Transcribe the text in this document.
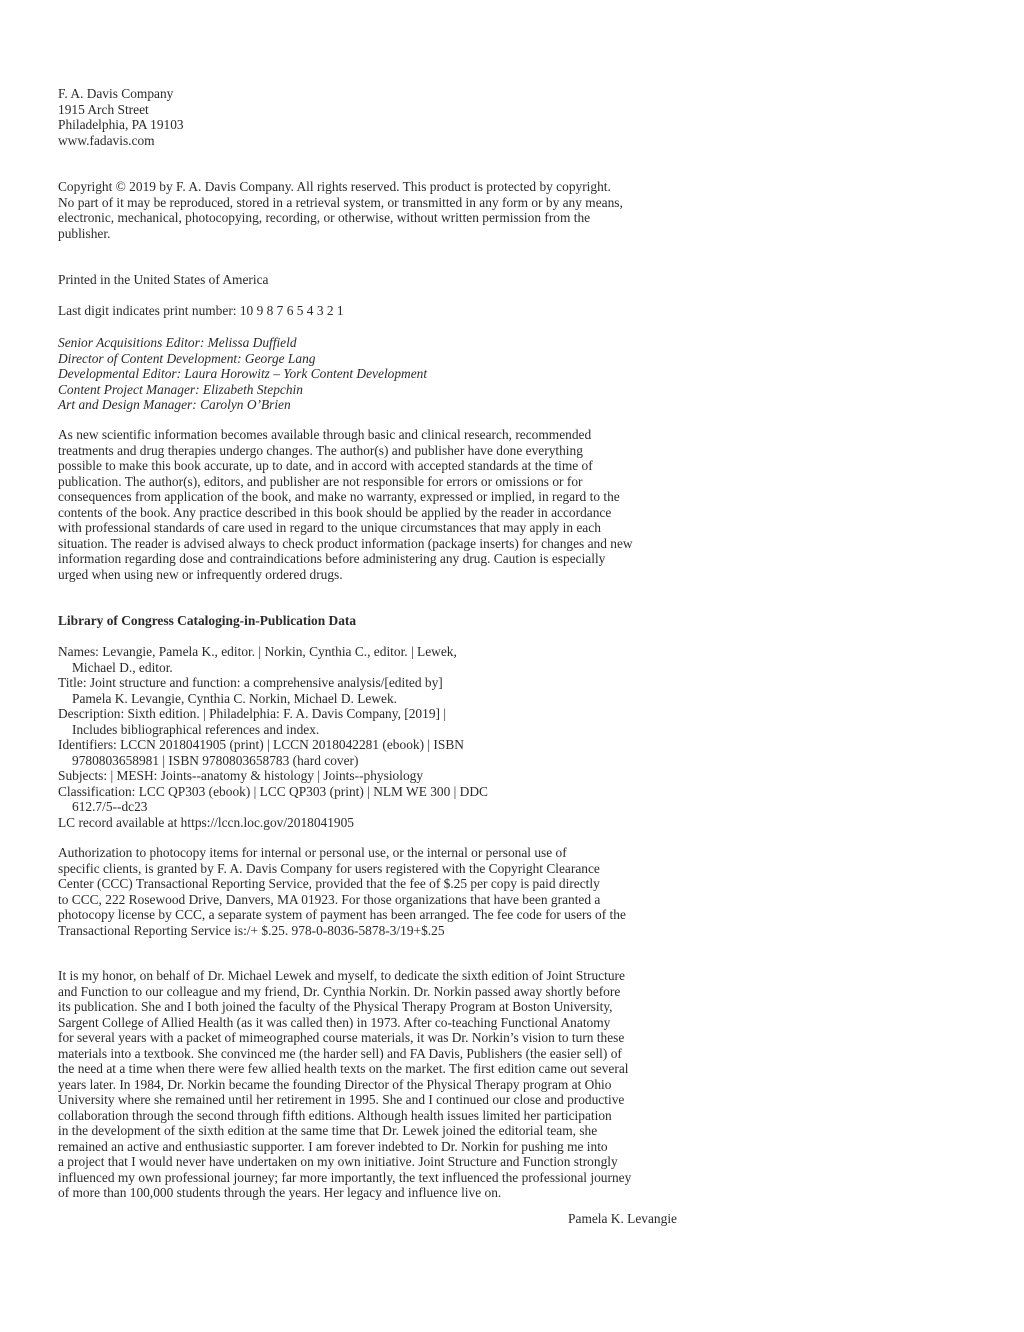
F. A. Davis Company
1915 Arch Street
Philadelphia, PA 19103
www.fadavis.com
Copyright © 2019 by F. A. Davis Company. All rights reserved. This product is protected by copyright.
No part of it may be reproduced, stored in a retrieval system, or transmitted in any form or by any means,
electronic, mechanical, photocopying, recording, or otherwise, without written permission from the
publisher.
Printed in the United States of America
Last digit indicates print number: 10 9 8 7 6 5 4 3 2 1
Senior Acquisitions Editor: Melissa Duffield
Director of Content Development: George Lang
Developmental Editor: Laura Horowitz – York Content Development
Content Project Manager: Elizabeth Stepchin
Art and Design Manager: Carolyn O’Brien
As new scientific information becomes available through basic and clinical research, recommended
treatments and drug therapies undergo changes. The author(s) and publisher have done everything
possible to make this book accurate, up to date, and in accord with accepted standards at the time of
publication. The author(s), editors, and publisher are not responsible for errors or omissions or for
consequences from application of the book, and make no warranty, expressed or implied, in regard to the
contents of the book. Any practice described in this book should be applied by the reader in accordance
with professional standards of care used in regard to the unique circumstances that may apply in each
situation. The reader is advised always to check product information (package inserts) for changes and new
information regarding dose and contraindications before administering any drug. Caution is especially
urged when using new or infrequently ordered drugs.
Library of Congress Cataloging-in-Publication Data
Names: Levangie, Pamela K., editor. | Norkin, Cynthia C., editor. | Lewek,
Michael D., editor.
Title: Joint structure and function: a comprehensive analysis/[edited by]
Pamela K. Levangie, Cynthia C. Norkin, Michael D. Lewek.
Description: Sixth edition. | Philadelphia: F. A. Davis Company, [2019] |
Includes bibliographical references and index.
Identifiers: LCCN 2018041905 (print) | LCCN 2018042281 (ebook) | ISBN
9780803658981 | ISBN 9780803658783 (hard cover)
Subjects: | MESH: Joints--anatomy & histology | Joints--physiology
Classification: LCC QP303 (ebook) | LCC QP303 (print) | NLM WE 300 | DDC
612.7/5--dc23
LC record available at https://lccn.loc.gov/2018041905
Authorization to photocopy items for internal or personal use, or the internal or personal use of
specific clients, is granted by F. A. Davis Company for users registered with the Copyright Clearance
Center (CCC) Transactional Reporting Service, provided that the fee of $.25 per copy is paid directly
to CCC, 222 Rosewood Drive, Danvers, MA 01923. For those organizations that have been granted a
photocopy license by CCC, a separate system of payment has been arranged. The fee code for users of the
Transactional Reporting Service is:/+ $.25. 978-0-8036-5878-3/19+$.25
It is my honor, on behalf of Dr. Michael Lewek and myself, to dedicate the sixth edition of Joint Structure
and Function to our colleague and my friend, Dr. Cynthia Norkin. Dr. Norkin passed away shortly before
its publication. She and I both joined the faculty of the Physical Therapy Program at Boston University,
Sargent College of Allied Health (as it was called then) in 1973. After co-teaching Functional Anatomy
for several years with a packet of mimeographed course materials, it was Dr. Norkin’s vision to turn these
materials into a textbook. She convinced me (the harder sell) and FA Davis, Publishers (the easier sell) of
the need at a time when there were few allied health texts on the market. The first edition came out several
years later. In 1984, Dr. Norkin became the founding Director of the Physical Therapy program at Ohio
University where she remained until her retirement in 1995. She and I continued our close and productive
collaboration through the second through fifth editions. Although health issues limited her participation
in the development of the sixth edition at the same time that Dr. Lewek joined the editorial team, she
remained an active and enthusiastic supporter. I am forever indebted to Dr. Norkin for pushing me into
a project that I would never have undertaken on my own initiative. Joint Structure and Function strongly
influenced my own professional journey; far more importantly, the text influenced the professional journey
of more than 100,000 students through the years. Her legacy and influence live on.
Pamela K. Levangie
